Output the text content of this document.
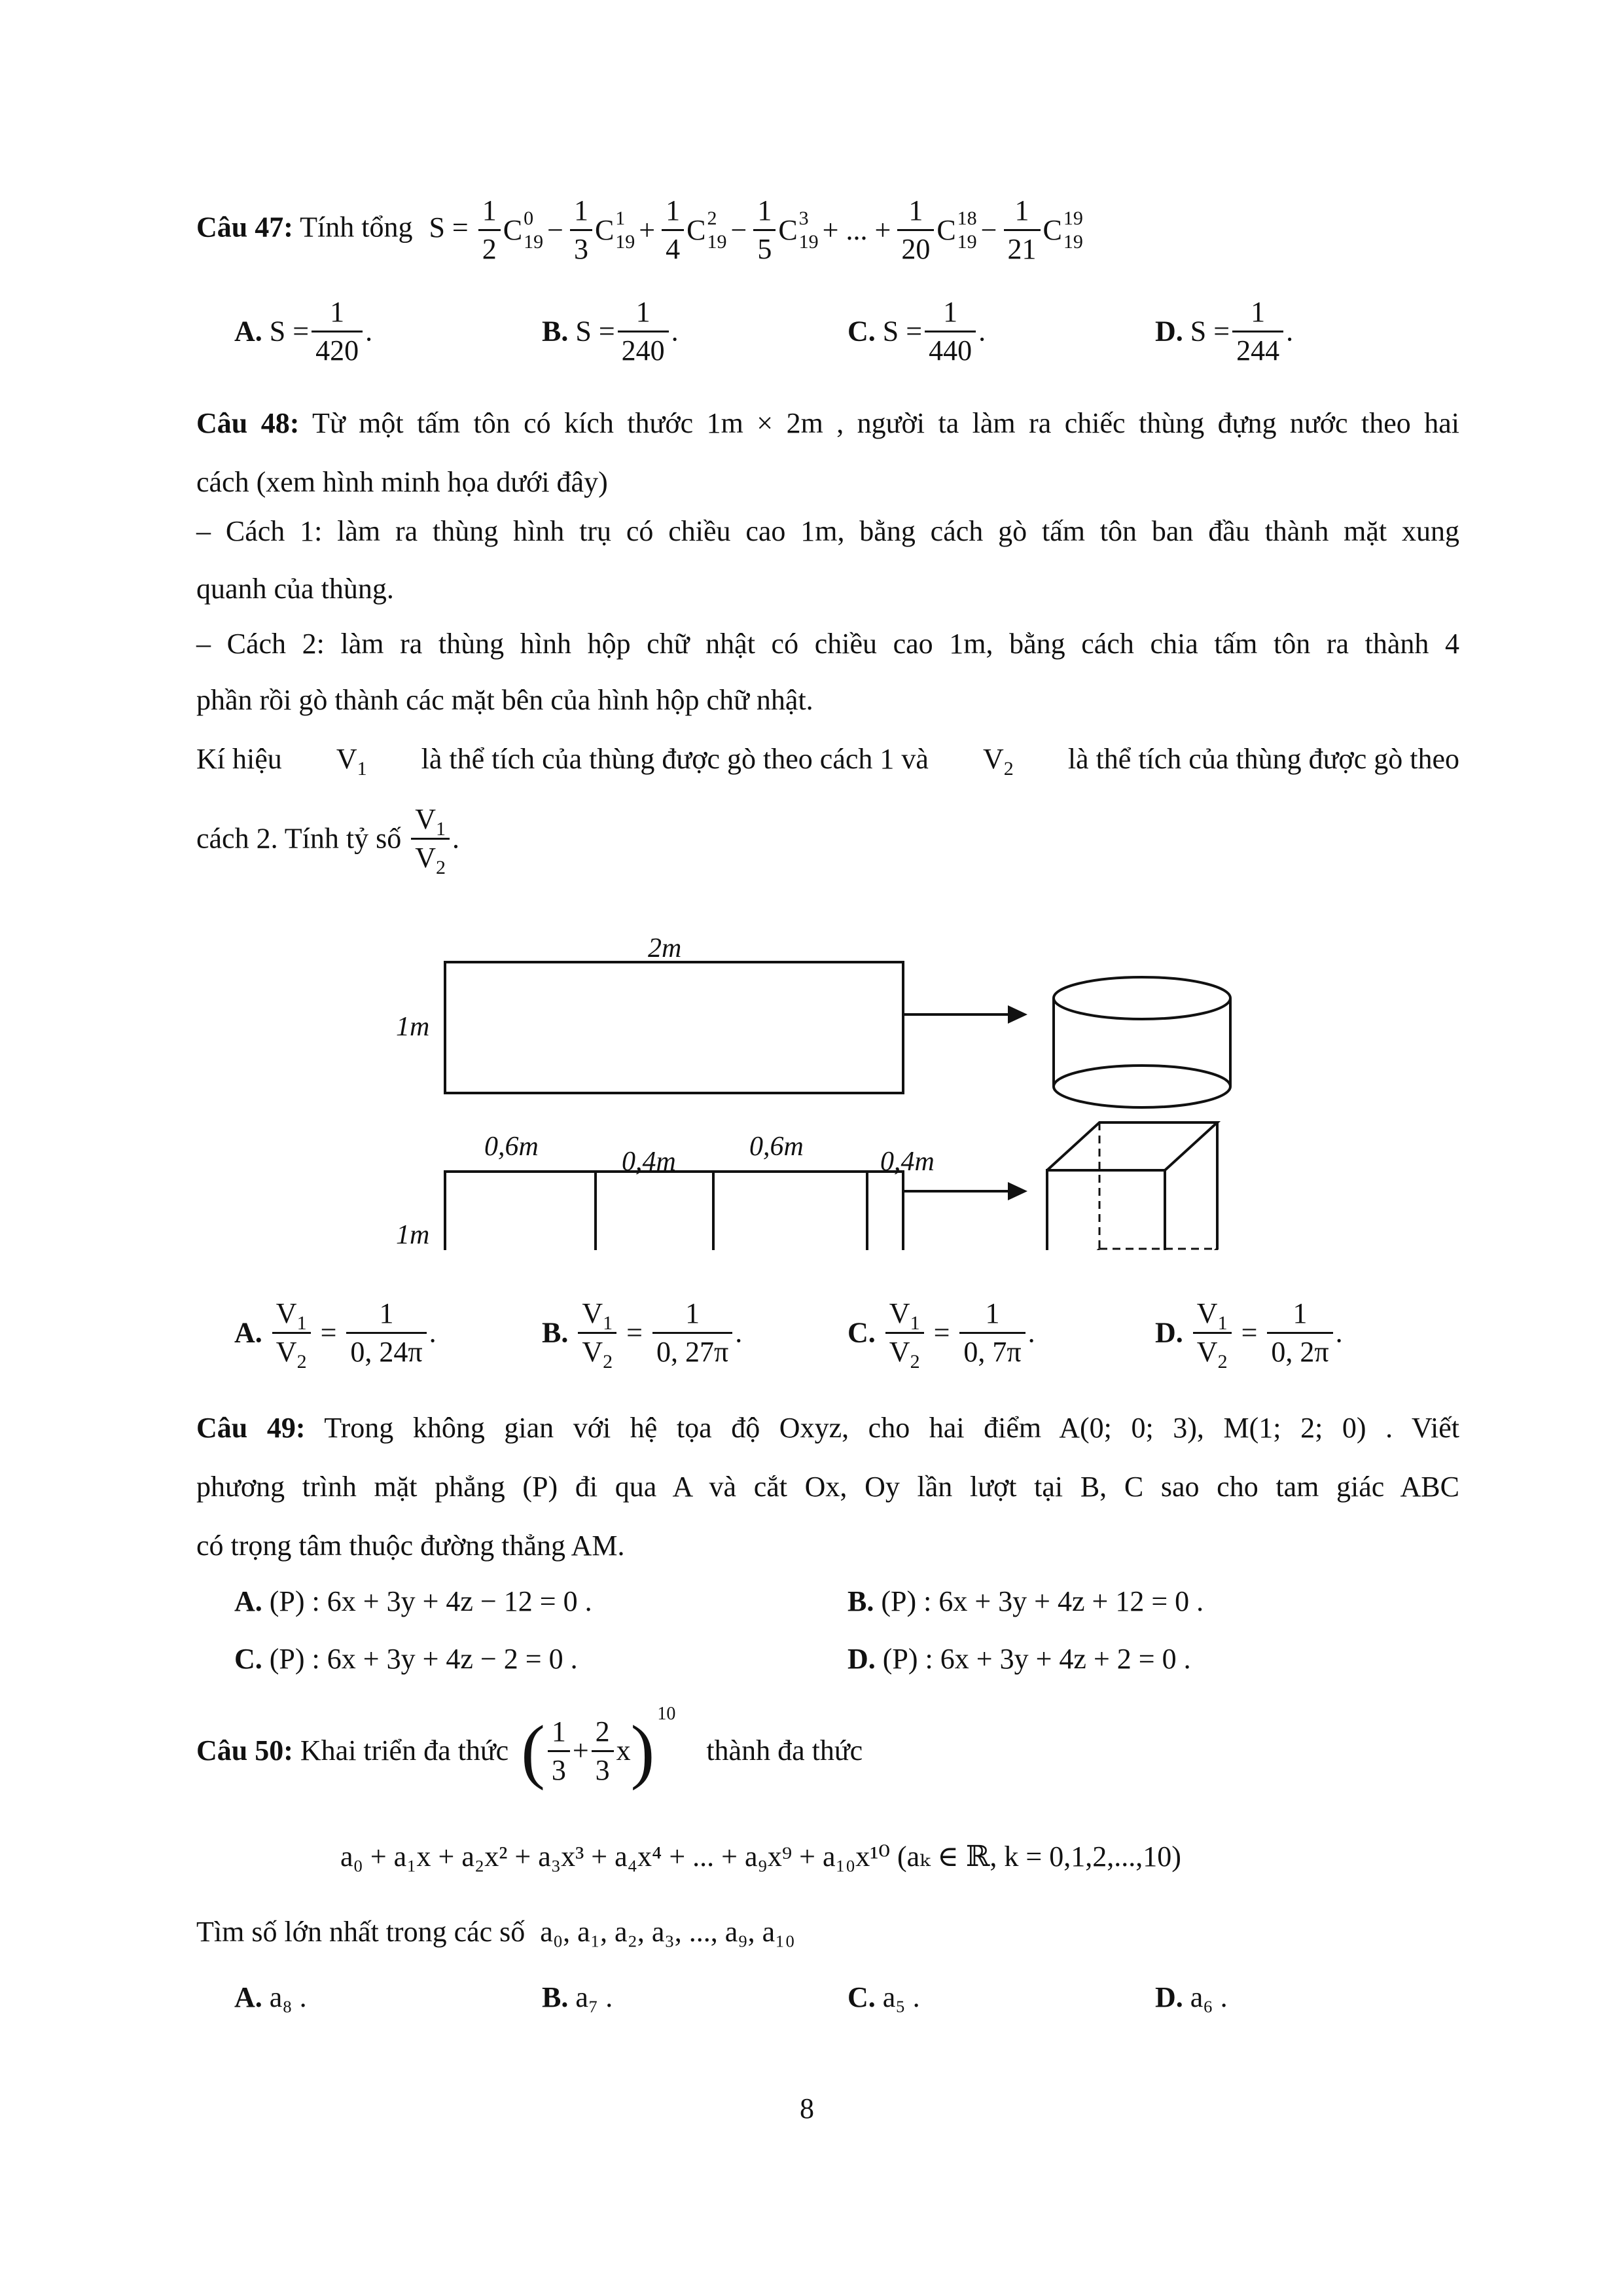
Câu 47: Tính tổng $S = \frac{1}{2}$ C 0
$19 - \frac{1}{3}$ C 1
$19 + \frac{1}{4}$ C 2
$19 - \frac{1}{5}$ C 3
19 + ... + $\frac{1}{20}$ C 18
$19 - \frac{1}{21}$ C 19
19
A. $S = \frac{1}{420}$ .	B. $S = \frac{1}{240}$ .	C. $S = \frac{1}{440}$ .	D. $S = \frac{1}{244}$ .
Câu 48: Từ một tấm tôn có kích thước 1m × 2m , người ta làm ra chiếc thùng đựng nước theo hai
cách (xem hình minh họa dưới đây)
– Cách 1: làm ra thùng hình trụ có chiều cao 1m, bằng cách gò tấm tôn ban đầu thành mặt xung
quanh của thùng.
– Cách 2: làm ra thùng hình hộp chữ nhật có chiều cao 1m, bằng cách chia tấm tôn ra thành 4
phần rồi gò thành các mặt bên của hình hộp chữ nhật.
Kí hiệu $V_1$ là thể tích của thùng được gò theo cách 1 và $V_2$ là thể tích của thùng được gò theo
cách 2. Tính tỷ số $\frac{V_1}{V_2}$ .
2m
1m
1m
0,6m	0,4m	0,6m	0,4m
A. $\frac{V_1}{V_2} = \frac{1}{0, 24\pi}$ .	B. $\frac{V_1}{V_2} = \frac{1}{0, 27\pi}$ .	C. $\frac{V_1}{V_2} = \frac{1}{0, 7\pi}$ .	D. $\frac{V_1}{V_2} = \frac{1}{0, 2\pi}$ .
Câu 49: Trong không gian với hệ tọa độ Oxyz, cho hai điểm A(0; 0; 3), M(1; 2; 0) . Viết
phương trình mặt phẳng (P) đi qua A và cắt Ox, Oy lần lượt tại B, C sao cho tam giác ABC
có trọng tâm thuộc đường thẳng AM.
A. (P) : 6x + 3y + 4z − 12 = 0 .	B. (P) : 6x + 3y + 4z + 12 = 0 .
C. (P) : 6x + 3y + 4z − 2 = 0 .	D. (P) : 6x + 3y + 4z + 2 = 0 .
Câu 50: Khai triển đa thức ( $\frac{1}{3} + \frac{2}{3} x$) $^{10}$ thành đa thức
a₀ + a₁x + a₂x² + a₃x³ + a₄x⁴ + ... + a₉x⁹ + a₁₀x¹⁰ (aₖ ∈ ℝ, k = 0,1,2,...,10)
Tìm số lớn nhất trong các số a₀, a₁, a₂, a₃, ..., a₉, a₁₀
A. a₈ .	B. a₇ .	C. a₅ .	D. a₆ .
8
